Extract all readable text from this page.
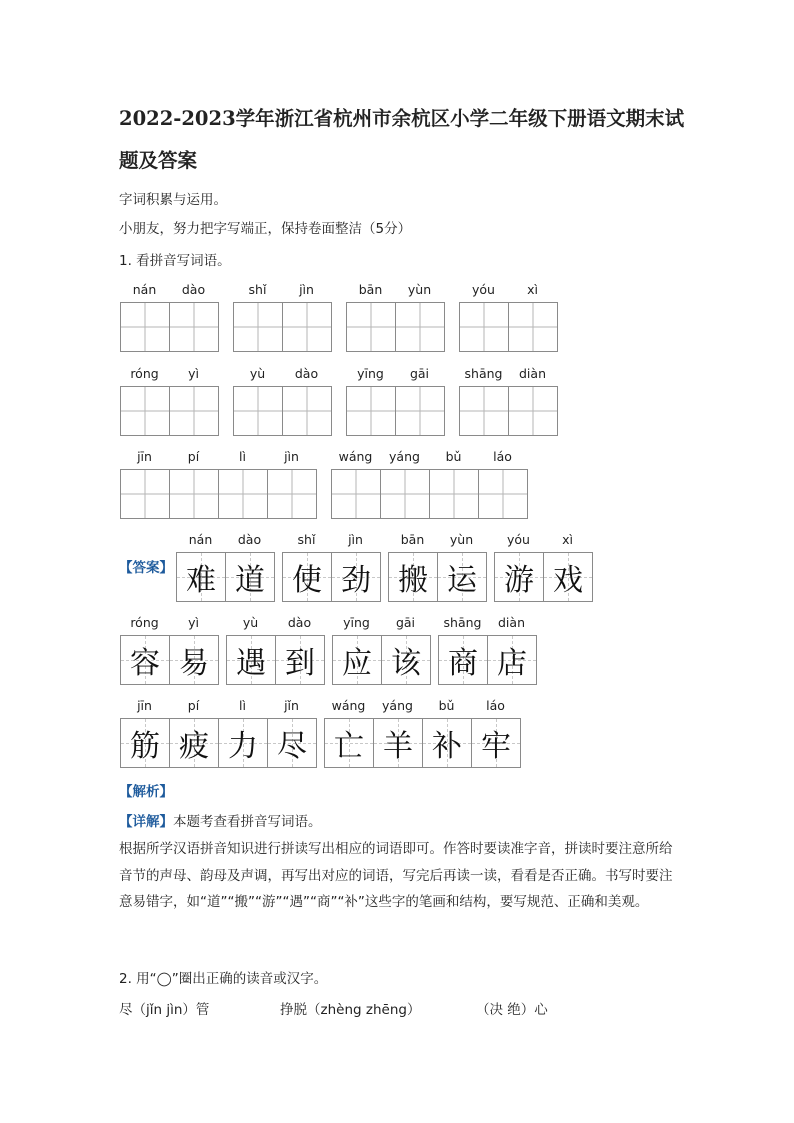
2022-2023学年浙江省杭州市余杭区小学二年级下册语文期末试题及答案
字词积累与运用。
小朋友，努力把字写端正，保持卷面整洁（5分）
1. 看拼音写词语。
nán	dào	shǐ	jìn	bān	yùn	yóu	xì
róng	yì	yù	dào	yīng	gāi	shāng	diàn
jīn	pí	lì	jìn	wáng	yáng	bǔ	láo
【答案】
nán	dào
难 道
shǐ	jìn
使 劲
bān	yùn
搬 运
yóu	xì
游 戏
róng	yì
容 易
yù	dào
遇 到
yīng	gāi
应 该
shāng	diàn
商 店
jīn	pí	lì	jǐn
筋 疲 力 尽
wáng	yáng	bǔ	láo
亡 羊 补 牢
【解析】
【详解】本题考查看拼音写词语。

根据所学汉语拼音知识进行拼读写出相应的词语即可。作答时要读准字音，拼读时要注意所给音节的声母、韵母及声调，再写出对应的词语，写完后再读一读，看看是否正确。书写时要注意易错字，如“道”“搬”“游”“遇”“商”“补”这些字的笔画和结构，要写规范、正确和美观。

2. 用“◯”圈出正确的读音或汉字。
尽（jǐn jìn）管	挣脱（zhèng zhēng）	（决 绝）心
